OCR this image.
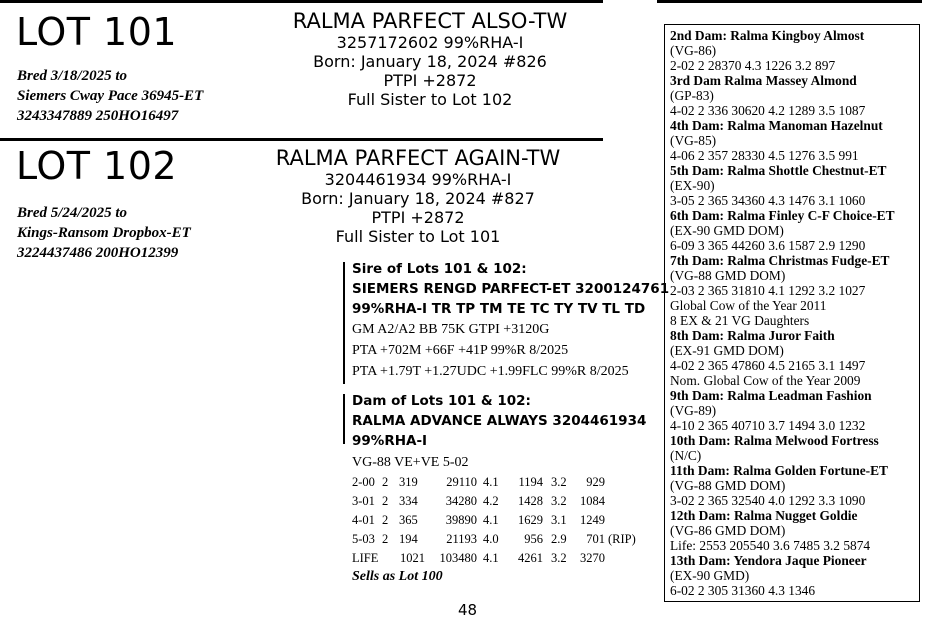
LOT 101
Bred 3/18/2025 to
Siemers Cway Pace 36945-ET
3243347889 250HO16497
RALMA PARFECT ALSO-TW
3257172602 99%RHA-I
Born: January 18, 2024 #826
PTPI +2872
Full Sister to Lot 102
LOT 102
Bred 5/24/2025 to
Kings-Ransom Dropbox-ET
3224437486 200HO12399
RALMA PARFECT AGAIN-TW
3204461934 99%RHA-I
Born: January 18, 2024 #827
PTPI +2872
Full Sister to Lot 101
Sire of Lots 101 & 102:
SIEMERS RENGD PARFECT-ET 3200124761
99%RHA-I TR TP TM TE TC TY TV TL TD
GM A2/A2 BB 75K GTPI +3120G
PTA +702M +66F +41P 99%R 8/2025
PTA +1.79T +1.27UDC +1.99FLC 99%R 8/2025
Dam of Lots 101 & 102:
RALMA ADVANCE ALWAYS 3204461934
99%RHA-I
VG-88 VE+VE 5-02
2-00	2	319	29110	4.1	1194	3.2	929	
3-01	2	334	34280	4.2	1428	3.2	1084	
4-01	2	365	39890	4.1	1629	3.1	1249	
5-03	2	194	21193	4.0	956	2.9	701	(RIP)
LIFE		1021	103480	4.1	4261	3.2	3270	
Sells as Lot 100
2nd Dam: Ralma Kingboy Almost
(VG-86)
2-02 2 28370 4.3 1226 3.2 897
3rd Dam Ralma Massey Almond
(GP-83)
4-02 2 336 30620 4.2 1289 3.5 1087
4th Dam: Ralma Manoman Hazelnut
(VG-85)
4-06 2 357 28330 4.5 1276 3.5 991
5th Dam: Ralma Shottle Chestnut-ET
(EX-90)
3-05 2 365 34360 4.3 1476 3.1 1060
6th Dam: Ralma Finley C-F Choice-ET
(EX-90 GMD DOM)
6-09 3 365 44260 3.6 1587 2.9 1290
7th Dam: Ralma Christmas Fudge-ET
(VG-88 GMD DOM)
2-03 2 365 31810 4.1 1292 3.2 1027
Global Cow of the Year 2011
8 EX & 21 VG Daughters
8th Dam: Ralma Juror Faith
(EX-91 GMD DOM)
4-02 2 365 47860 4.5 2165 3.1 1497
Nom. Global Cow of the Year 2009
9th Dam: Ralma Leadman Fashion
(VG-89)
4-10 2 365 40710 3.7 1494 3.0 1232
10th Dam: Ralma Melwood Fortress
(N/C)
11th Dam: Ralma Golden Fortune-ET
(VG-88 GMD DOM)
3-02 2 365 32540 4.0 1292 3.3 1090
12th Dam: Ralma Nugget Goldie
(VG-86 GMD DOM)
Life: 2553 205540 3.6 7485 3.2 5874
13th Dam: Yendora Jaque Pioneer
(EX-90 GMD)
6-02 2 305 31360 4.3 1346
48
